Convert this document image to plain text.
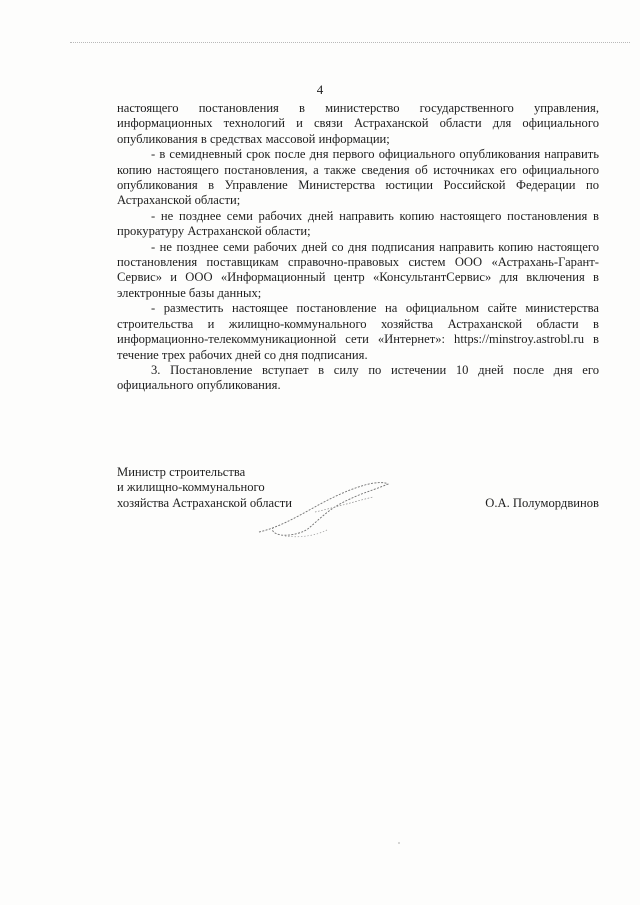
4

настоящего постановления в министерство государственного управления, информационных технологий и связи Астраханской области для официального опубликования в средствах массовой информации;

- в семидневный срок после дня первого официального опубликования направить копию настоящего постановления, а также сведения об источниках его официального опубликования в Управление Министерства юстиции Российской Федерации по Астраханской области;

- не позднее семи рабочих дней направить копию настоящего постановления в прокуратуру Астраханской области;

- не позднее семи рабочих дней со дня подписания направить копию настоящего постановления поставщикам справочно-правовых систем ООО «Астрахань-Гарант-Сервис» и ООО «Информационный центр «КонсультантСервис» для включения в электронные базы данных;

- разместить настоящее постановление на официальном сайте министерства строительства и жилищно-коммунального хозяйства Астраханской области в информационно-телекоммуникационной сети «Интернет»: https://minstroy.astrobl.ru в течение трех рабочих дней со дня подписания.

3. Постановление вступает в силу по истечении 10 дней после дня его официального опубликования.

Министр строительства
и жилищно-коммунального
хозяйства Астраханской области	О.А. Полумордвинов
